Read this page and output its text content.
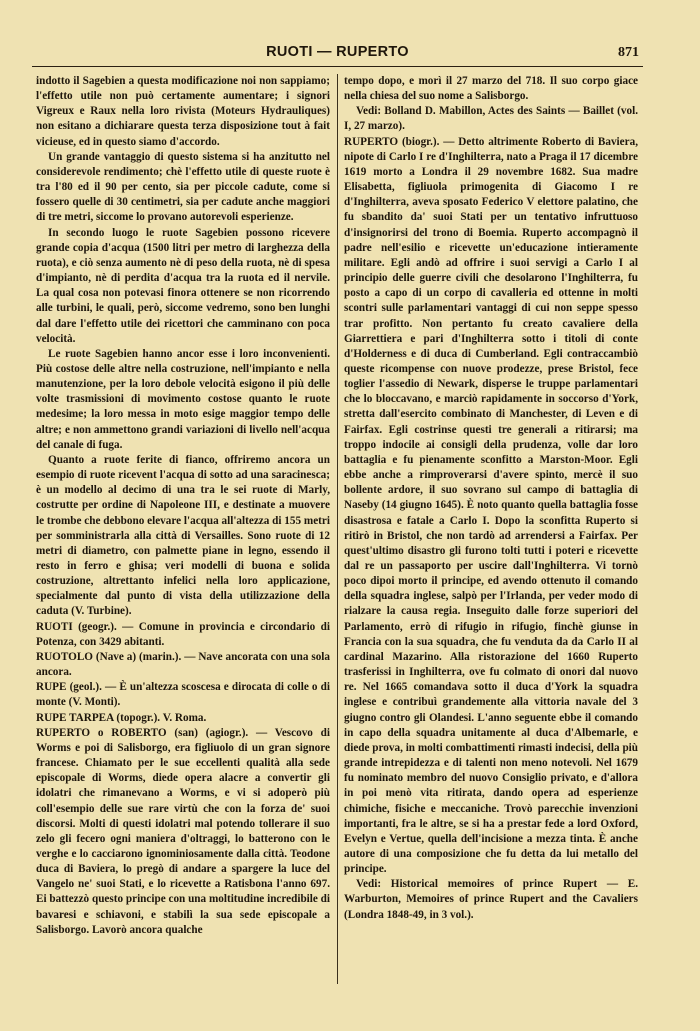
RUOTI — RUPERTO	871

indotto il Sagebien a questa modificazione noi non sappiamo; l'effetto utile non può certamente aumentare; i signori Vigreux e Raux nella loro rivista (Moteurs Hydrauliques) non esitano a dichiarare questa terza disposizione tout à fait vicieuse, ed in questo siamo d'accordo.

Un grande vantaggio di questo sistema si ha anzitutto nel considerevole rendimento; chè l'effetto utile di queste ruote è tra l'80 ed il 90 per cento, sia per piccole cadute, come si fossero quelle di 30 centimetri, sia per cadute anche maggiori di tre metri, siccome lo provano autorevoli esperienze.

In secondo luogo le ruote Sagebien possono ricevere grande copia d'acqua (1500 litri per metro di larghezza della ruota), e ciò senza aumento nè di peso della ruota, nè di spesa d'impianto, nè di perdita d'acqua tra la ruota ed il nervile. La qual cosa non potevasi finora ottenere se non ricorrendo alle turbini, le quali, però, siccome vedremo, sono ben lunghi dal dare l'effetto utile dei ricettori che camminano con poca velocità.

Le ruote Sagebien hanno ancor esse i loro inconvenienti. Più costose delle altre nella costruzione, nell'impianto e nella manutenzione, per la loro debole velocità esigono il più delle volte trasmissioni di movimento costose quanto le ruote medesime; la loro messa in moto esige maggior tempo delle altre; e non ammettono grandi variazioni di livello nell'acqua del canale di fuga.

Quanto a ruote ferite di fianco, offriremo ancora un esempio di ruote ricevent l'acqua di sotto ad una saracinesca; è un modello al decimo di una tra le sei ruote di Marly, costrutte per ordine di Napoleone III, e destinate a muovere le trombe che debbono elevare l'acqua all'altezza di 155 metri per somministrarla alla città di Versailles. Sono ruote di 12 metri di diametro, con palmette piane in legno, essendo il resto in ferro e ghisa; veri modelli di buona e solida costruzione, altrettanto infelici nella loro applicazione, specialmente dal punto di vista della utilizzazione della caduta (V. Turbine).

RUOTI (geogr.). — Comune in provincia e circondario di Potenza, con 3429 abitanti.

RUOTOLO (Nave a) (marin.). — Nave ancorata con una sola ancora.

RUPE (geol.). — È un'altezza scoscesa e dirocata di colle o di monte (V. Monti).

RUPE TARPEA (topogr.). V. Roma.

RUPERTO o ROBERTO (san) (agiogr.). — Vescovo di Worms e poi di Salisborgo, era figliuolo di un gran signore francese. Chiamato per le sue eccellenti qualità alla sede episcopale di Worms, diede opera alacre a convertir gli idolatri che rimanevano a Worms, e vi si adoperò più coll'esempio delle sue rare virtù che con la forza de' suoi discorsi. Molti di questi idolatri mal potendo tollerare il suo zelo gli fecero ogni maniera d'oltraggi, lo batterono con le verghe e lo cacciarono ignominiosamente dalla città. Teodone duca di Baviera, lo pregò di andare a spargere la luce del Vangelo ne' suoi Stati, e lo ricevette a Ratisbona l'anno 697. Ei battezzò questo principe con una moltitudine incredibile di bavaresi e schiavoni, e stabilì la sua sede episcopale a Salisborgo. Lavorò ancora qualche

tempo dopo, e morì il 27 marzo del 718. Il suo corpo giace nella chiesa del suo nome a Salisborgo.

Vedi: Bolland D. Mabillon, Actes des Saints — Baillet (vol. I, 27 marzo).

RUPERTO (biogr.). — Detto altrimente Roberto di Baviera, nipote di Carlo I re d'Inghilterra, nato a Praga il 17 dicembre 1619 morto a Londra il 29 novembre 1682. Sua madre Elisabetta, figliuola primogenita di Giacomo I re d'Inghilterra, aveva sposato Federico V elettore palatino, che fu sbandito da' suoi Stati per un tentativo infruttuoso d'insignorirsi del trono di Boemia. Ruperto accompagnò il padre nell'esilio e ricevette un'educazione intieramente militare. Egli andò ad offrire i suoi servigi a Carlo I al principio delle guerre civili che desolarono l'Inghilterra, fu posto a capo di un corpo di cavalleria ed ottenne in molti scontri sulle parlamentari vantaggi di cui non seppe spesso trar profitto. Non pertanto fu creato cavaliere della Giarrettiera e pari d'Inghilterra sotto i titoli di conte d'Holderness e di duca di Cumberland. Egli contraccambiò queste ricompense con nuove prodezze, prese Bristol, fece toglier l'assedio di Newark, disperse le truppe parlamentari che lo bloccavano, e marciò rapidamente in soccorso d'York, stretta dall'esercito combinato di Manchester, di Leven e di Fairfax. Egli costrinse questi tre generali a ritirarsi; ma troppo indocile ai consigli della prudenza, volle dar loro battaglia e fu pienamente sconfitto a Marston-Moor. Egli ebbe anche a rimproverarsi d'avere spinto, mercè il suo bollente ardore, il suo sovrano sul campo di battaglia di Naseby (14 giugno 1645). È noto quanto quella battaglia fosse disastrosa e fatale a Carlo I. Dopo la sconfitta Ruperto si ritirò in Bristol, che non tardò ad arrendersi a Fairfax. Per quest'ultimo disastro gli furono tolti tutti i poteri e ricevette dal re un passaporto per uscire dall'Inghilterra. Vi tornò poco dipoi morto il principe, ed avendo ottenuto il comando della squadra inglese, salpò per l'Irlanda, per veder modo di rialzare la causa regia. Inseguito dalle forze superiori del Parlamento, errò di rifugio in rifugio, finchè giunse in Francia con la sua squadra, che fu venduta da da Carlo II al cardinal Mazarino. Alla ristorazione del 1660 Ruperto trasferissi in Inghilterra, ove fu colmato di onori dal nuovo re. Nel 1665 comandava sotto il duca d'York la squadra inglese e contribuì grandemente alla vittoria navale del 3 giugno contro gli Olandesi. L'anno seguente ebbe il comando in capo della squadra unitamente al duca d'Albemarle, e diede prova, in molti combattimenti rimasti indecisi, della più grande intrepidezza e di talenti non meno notevoli. Nel 1679 fu nominato membro del nuovo Consiglio privato, e d'allora in poi menò vita ritirata, dando opera ad esperienze chimiche, fisiche e meccaniche. Trovò parecchie invenzioni importanti, fra le altre, se si ha a prestar fede a lord Oxford, Evelyn e Vertue, quella dell'incisione a mezza tinta. È anche autore di una composizione che fu detta da lui metallo del principe.

Vedi: Historical memoires of prince Rupert — E. Warburton, Memoires of prince Rupert and the Cavaliers (Londra 1848-49, in 3 vol.).
